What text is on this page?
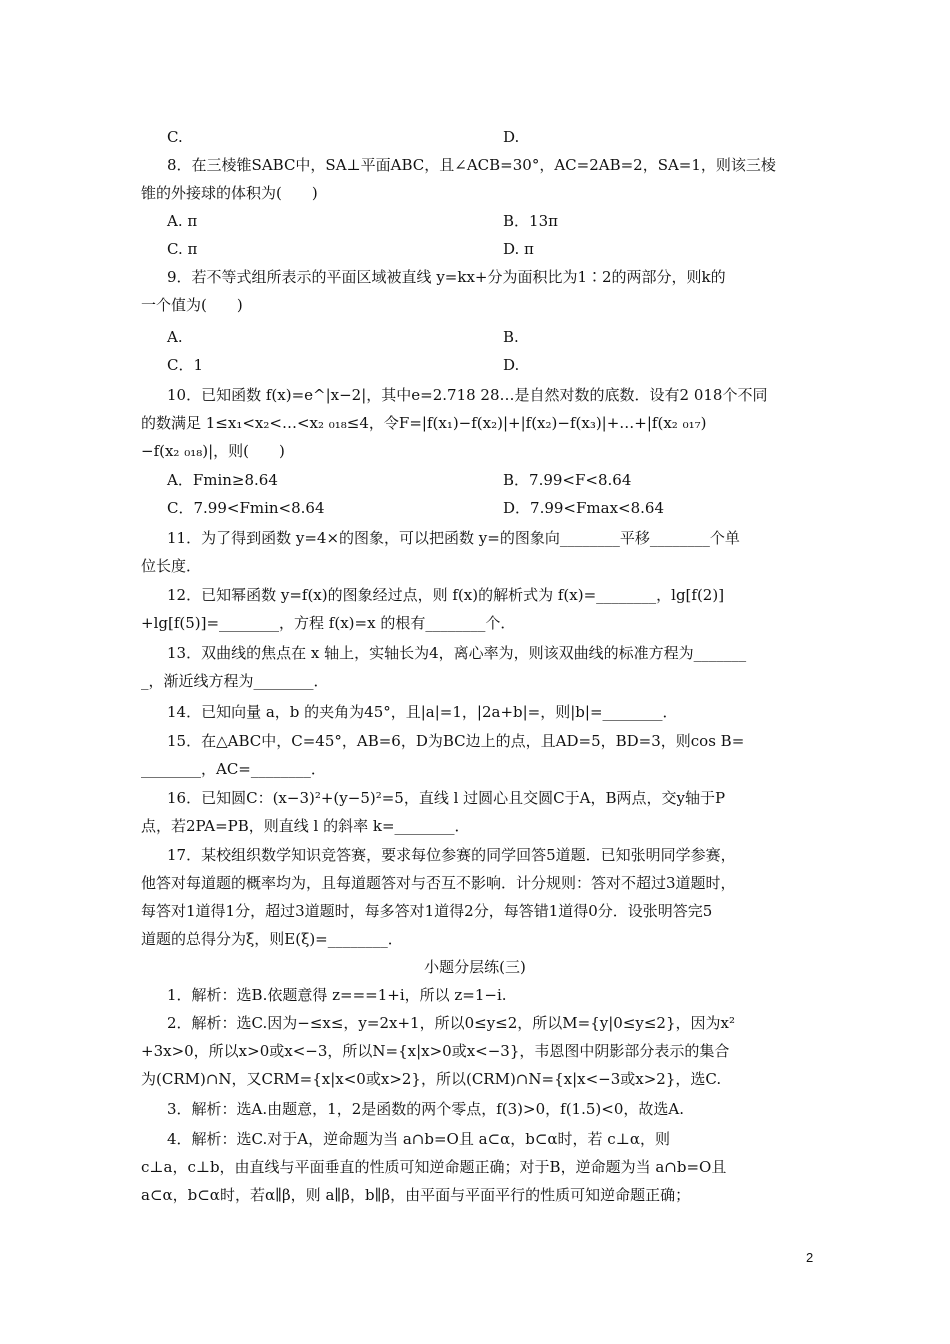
C.	D.
8．在三棱锥SABC中，SA⊥平面ABC，且∠ACB=30°，AC=2AB=2，SA=1，则该三棱
锥的外接球的体积为(　　)
A. π	B．13π
C. π	D. π
9．若不等式组所表示的平面区域被直线 y=kx+分为面积比为1∶2的两部分，则k的
一个值为(　　)
A.	B.
C．1	D.
10．已知函数 f(x)=e^|x−2|，其中e=2.718 28…是自然对数的底数．设有2 018个不同
的数满足 1≤x₁<x₂<…<x₂ ₀₁₈≤4，令F=|f(x₁)−f(x₂)|+|f(x₂)−f(x₃)|+…+|f(x₂ ₀₁₇)
−f(x₂ ₀₁₈)|，则(　　)
A．Fmin≥8.64	B．7.99<F<8.64
C．7.99<Fmin<8.64	D．7.99<Fmax<8.64
11．为了得到函数 y=4×的图象，可以把函数 y=的图象向________平移________个单
位长度．
12．已知幂函数 y=f(x)的图象经过点，则 f(x)的解析式为 f(x)=________，lg[f(2)]
+lg[f(5)]=________，方程 f(x)=x 的根有________个．
13．双曲线的焦点在 x 轴上，实轴长为4，离心率为，则该双曲线的标准方程为_______
_，渐近线方程为________．
14．已知向量 a，b 的夹角为45°，且|a|=1，|2a+b|=，则|b|=________．
15．在△ABC中，C=45°，AB=6，D为BC边上的点，且AD=5，BD=3，则cos B=
________，AC=________．
16．已知圆C：(x−3)²+(y−5)²=5，直线 l 过圆心且交圆C于A，B两点，交y轴于P
点，若2PA=PB，则直线 l 的斜率 k=________．
17．某校组织数学知识竞答赛，要求每位参赛的同学回答5道题．已知张明同学参赛，
他答对每道题的概率均为，且每道题答对与否互不影响．计分规则：答对不超过3道题时，
每答对1道得1分，超过3道题时，每多答对1道得2分，每答错1道得0分．设张明答完5
道题的总得分为ξ，则E(ξ)=________．
小题分层练(三)
1．解析：选B.依题意得 z===1+i，所以 z=1−i.
2．解析：选C.因为−≤x≤，y=2x+1，所以0≤y≤2，所以M={y|0≤y≤2}，因为x²
+3x>0，所以x>0或x<−3，所以N={x|x>0或x<−3}，韦恩图中阴影部分表示的集合
为(CRM)∩N，又CRM={x|x<0或x>2}，所以(CRM)∩N={x|x<−3或x>2}，选C.
3．解析：选A.由题意，1，2是函数的两个零点，f(3)>0，f(1.5)<0，故选A.
4．解析：选C.对于A，逆命题为当 a∩b=O且 a⊂α，b⊂α时，若 c⊥α，则
c⊥a，c⊥b，由直线与平面垂直的性质可知逆命题正确；对于B，逆命题为当 a∩b=O且
a⊂α，b⊂α时，若α∥β，则 a∥β，b∥β，由平面与平面平行的性质可知逆命题正确；
2
